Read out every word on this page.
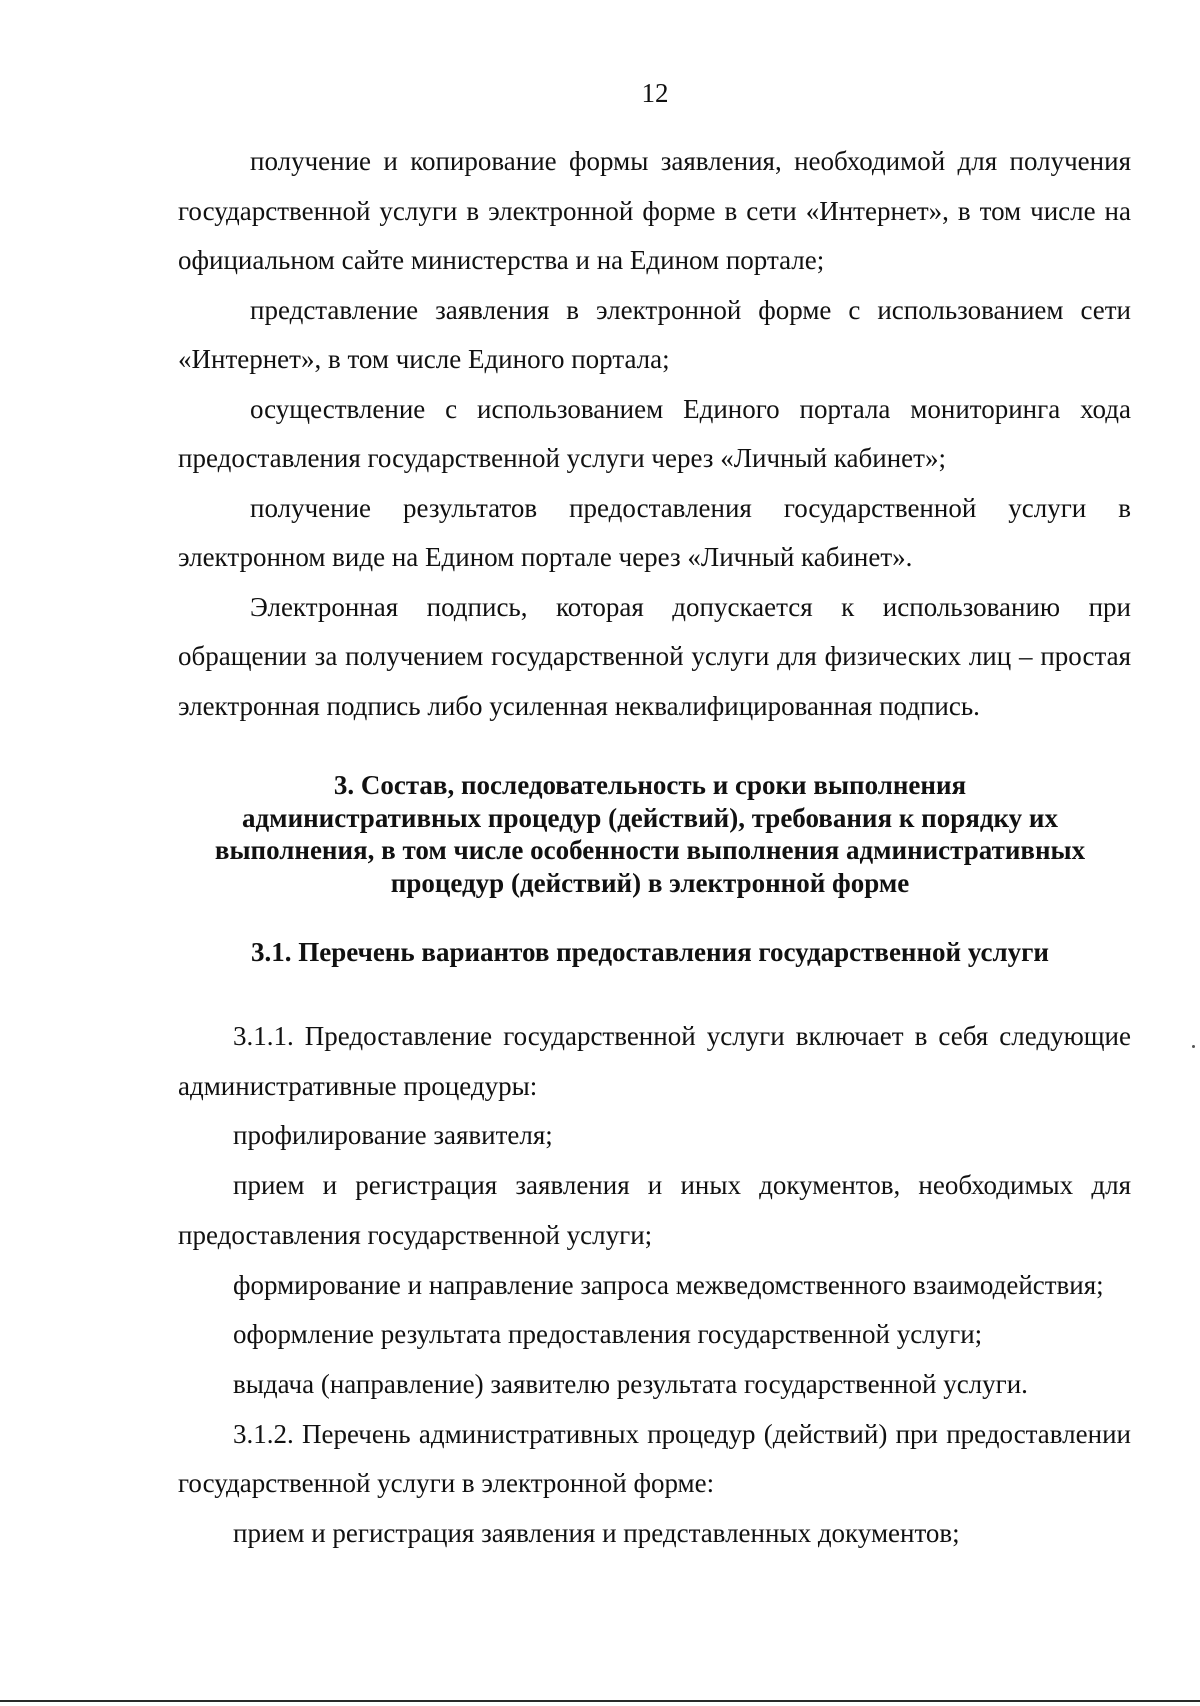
12

получение и копирование формы заявления, необходимой для получения государственной услуги в электронной форме в сети «Интернет», в том числе на официальном сайте министерства и на Едином портале;

представление заявления в электронной форме с использованием сети «Интернет», в том числе Единого портала;

осуществление с использованием Единого портала мониторинга хода предоставления государственной услуги через «Личный кабинет»;

получение результатов предоставления государственной услуги в электронном виде на Едином портале через «Личный кабинет».

Электронная подпись, которая допускается к использованию при обращении за получением государственной услуги для физических лиц – простая электронная подпись либо усиленная неквалифицированная подпись.

3. Состав, последовательность и сроки выполнения
административных процедур (действий), требования к порядку их
выполнения, в том числе особенности выполнения административных
процедур (действий) в электронной форме
3.1. Перечень вариантов предоставления государственной услуги

3.1.1. Предоставление государственной услуги включает в себя следующие административные процедуры:

профилирование заявителя;

прием и регистрация заявления и иных документов, необходимых для предоставления государственной услуги;

формирование и направление запроса межведомственного взаимодействия;

оформление результата предоставления государственной услуги;

выдача (направление) заявителю результата государственной услуги.

3.1.2. Перечень административных процедур (действий) при предоставлении государственной услуги в электронной форме:

прием и регистрация заявления и представленных документов;
